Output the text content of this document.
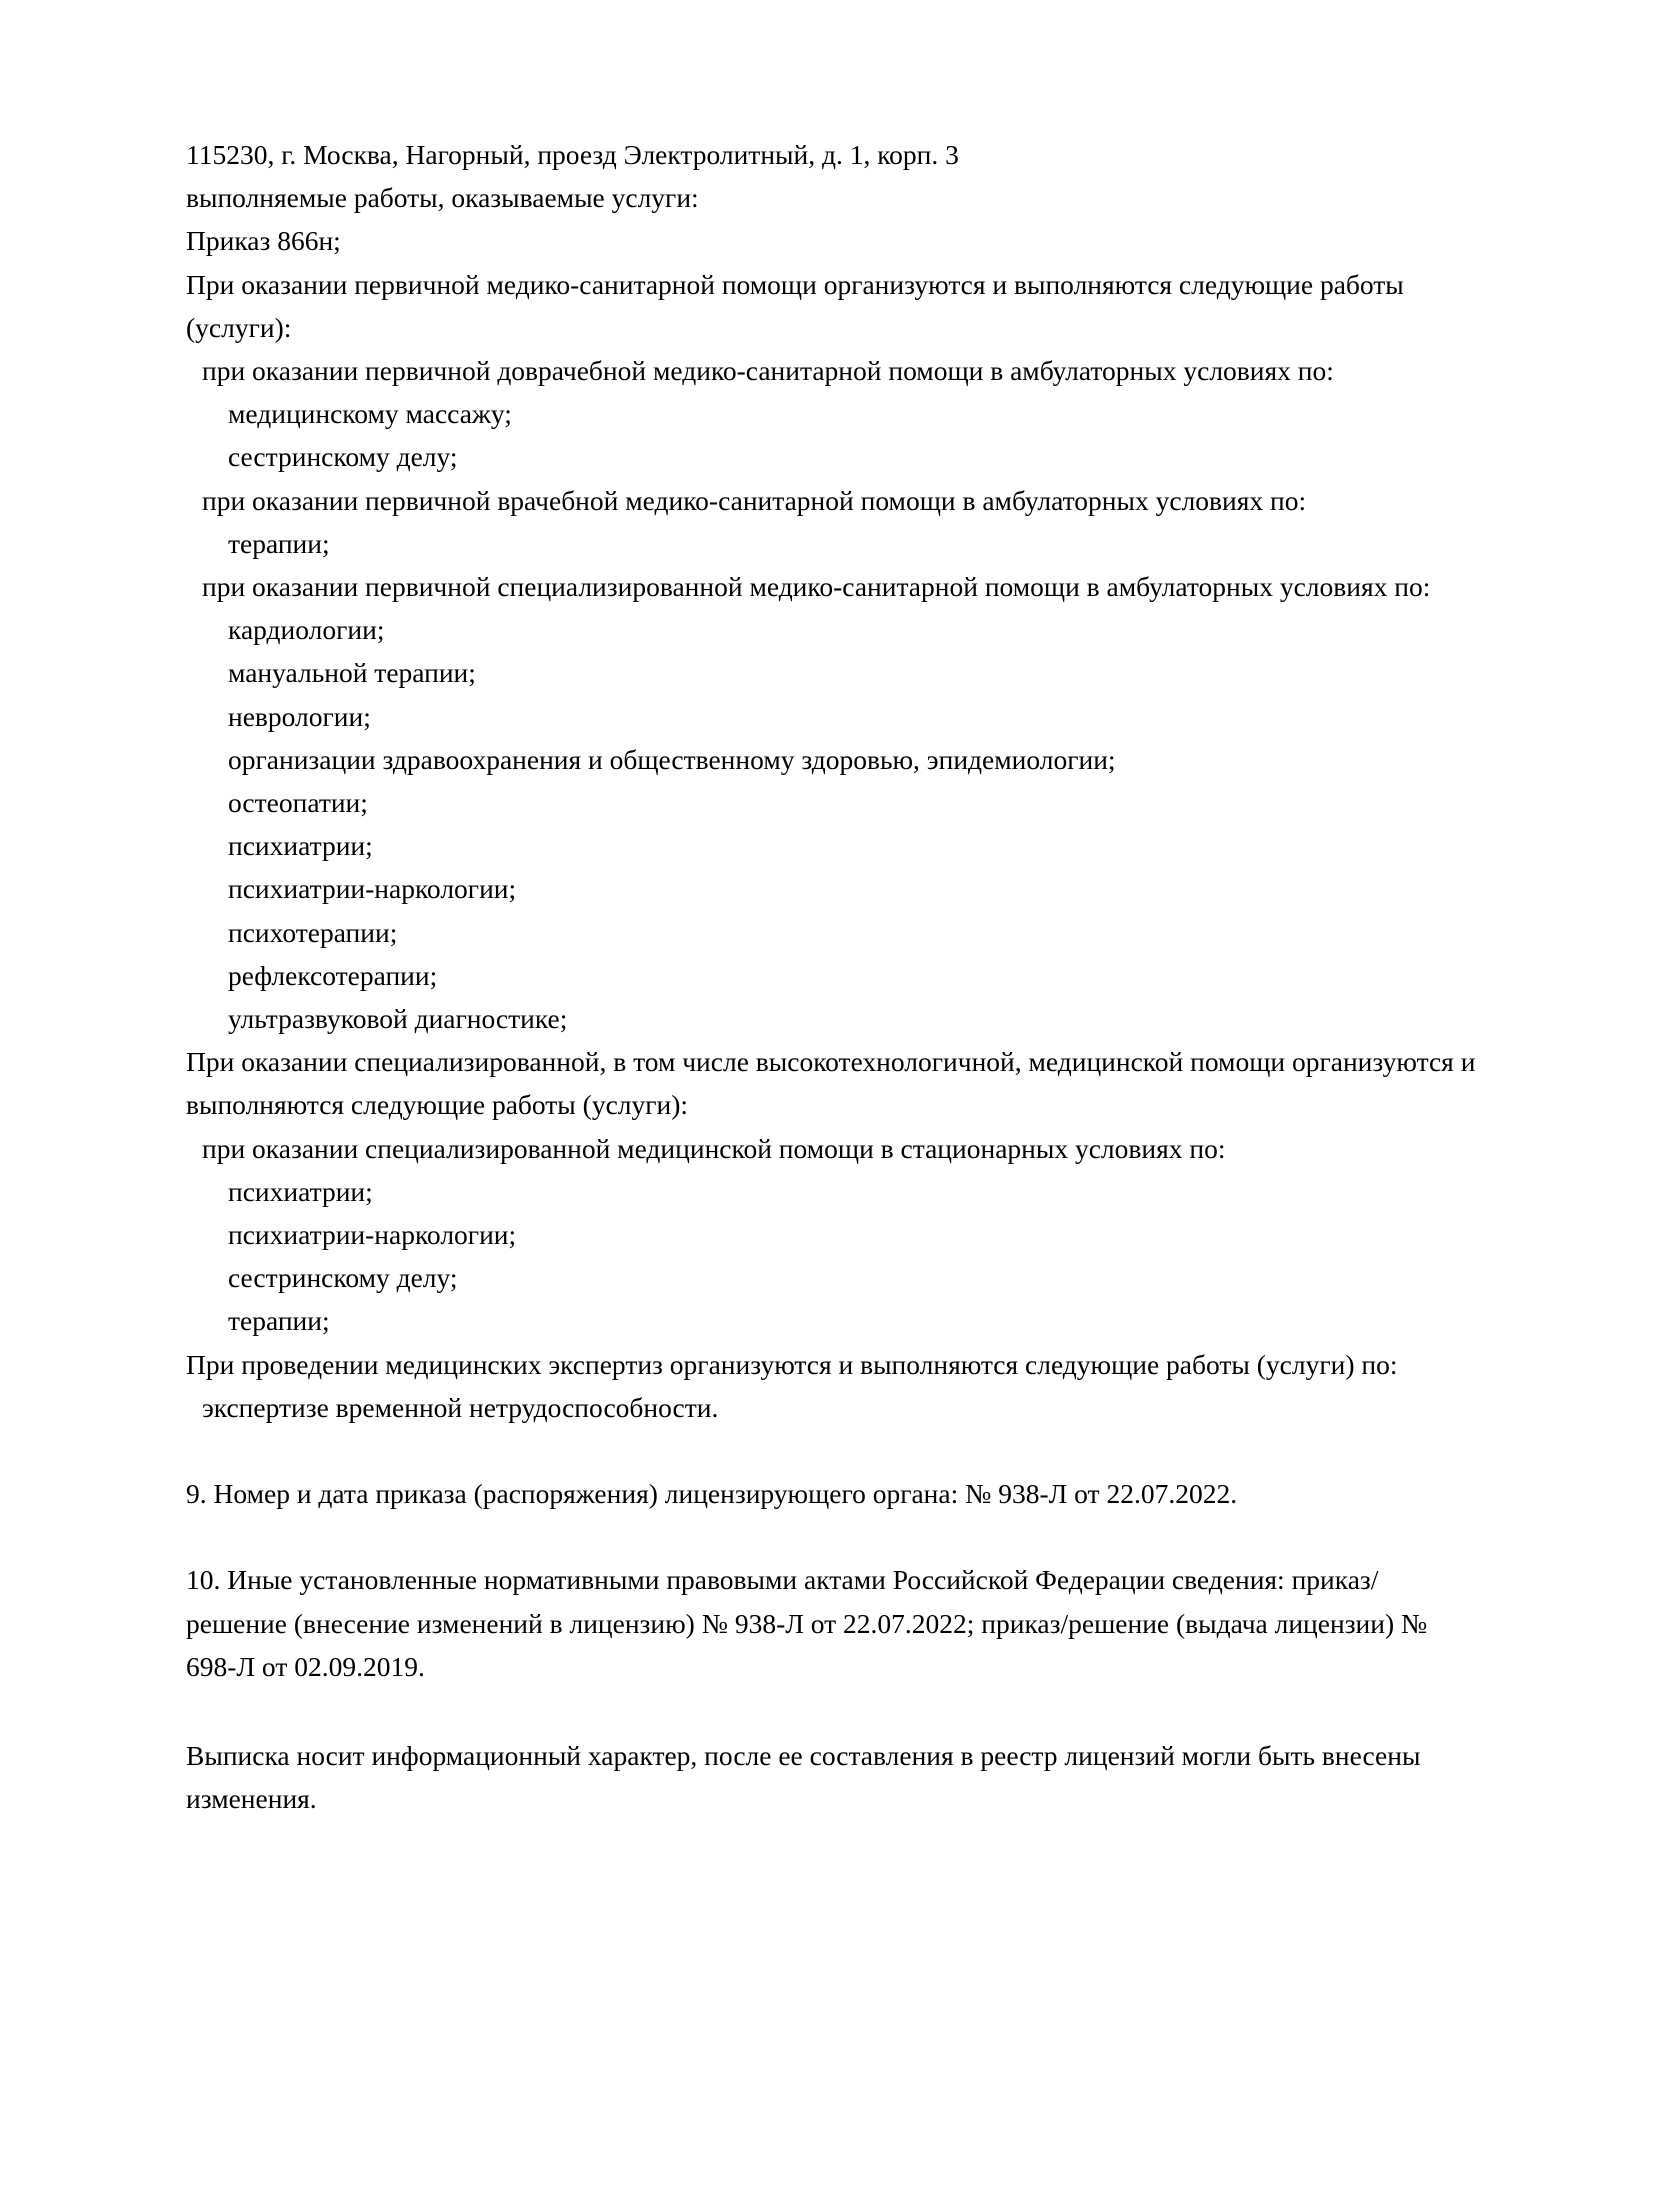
115230, г. Москва, Нагорный, проезд Электролитный, д. 1, корп. 3
выполняемые работы, оказываемые услуги:
Приказ 866н;
При оказании первичной медико-санитарной помощи организуются и выполняются следующие работы (услуги):
при оказании первичной доврачебной медико-санитарной помощи в амбулаторных условиях по:
медицинскому массажу;
сестринскому делу;
при оказании первичной врачебной медико-санитарной помощи в амбулаторных условиях по:
терапии;
при оказании первичной специализированной медико-санитарной помощи в амбулаторных условиях по:
кардиологии;
мануальной терапии;
неврологии;
организации здравоохранения и общественному здоровью, эпидемиологии;
остеопатии;
психиатрии;
психиатрии-наркологии;
психотерапии;
рефлексотерапии;
ультразвуковой диагностике;
При оказании специализированной, в том числе высокотехнологичной, медицинской помощи организуются и выполняются следующие работы (услуги):
при оказании специализированной медицинской помощи в стационарных условиях по:
психиатрии;
психиатрии-наркологии;
сестринскому делу;
терапии;
При проведении медицинских экспертиз организуются и выполняются следующие работы (услуги) по:
экспертизе временной нетрудоспособности.
9. Номер и дата приказа (распоряжения) лицензирующего органа: № 938-Л от 22.07.2022.
10. Иные установленные нормативными правовыми актами Российской Федерации сведения: приказ/решение (внесение изменений в лицензию) № 938-Л от 22.07.2022; приказ/решение (выдача лицензии) № 698-Л от 02.09.2019.
Выписка носит информационный характер, после ее составления в реестр лицензий могли быть внесены изменения.
